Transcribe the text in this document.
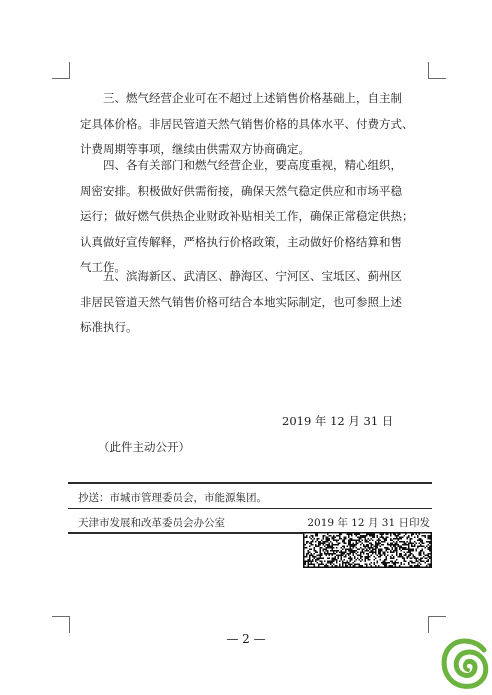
三、燃气经营企业可在不超过上述销售价格基础上，自主制
定具体价格。非居民管道天然气销售价格的具体水平、付费方式、
计费周期等事项，继续由供需双方协商确定。
四、各有关部门和燃气经营企业，要高度重视，精心组织，
周密安排。积极做好供需衔接，确保天然气稳定供应和市场平稳
运行；做好燃气供热企业财政补贴相关工作，确保正常稳定供热；
认真做好宣传解释，严格执行价格政策，主动做好价格结算和售
气工作。
五、滨海新区、武清区、静海区、宁河区、宝坻区、蓟州区
非居民管道天然气销售价格可结合本地实际制定，也可参照上述
标准执行。
2019 年 12 月 31 日
（此件主动公开）
抄送：市城市管理委员会，市能源集团。
天津市发展和改革委员会办公室	2019 年 12 月 31 日印发
— 2 —
